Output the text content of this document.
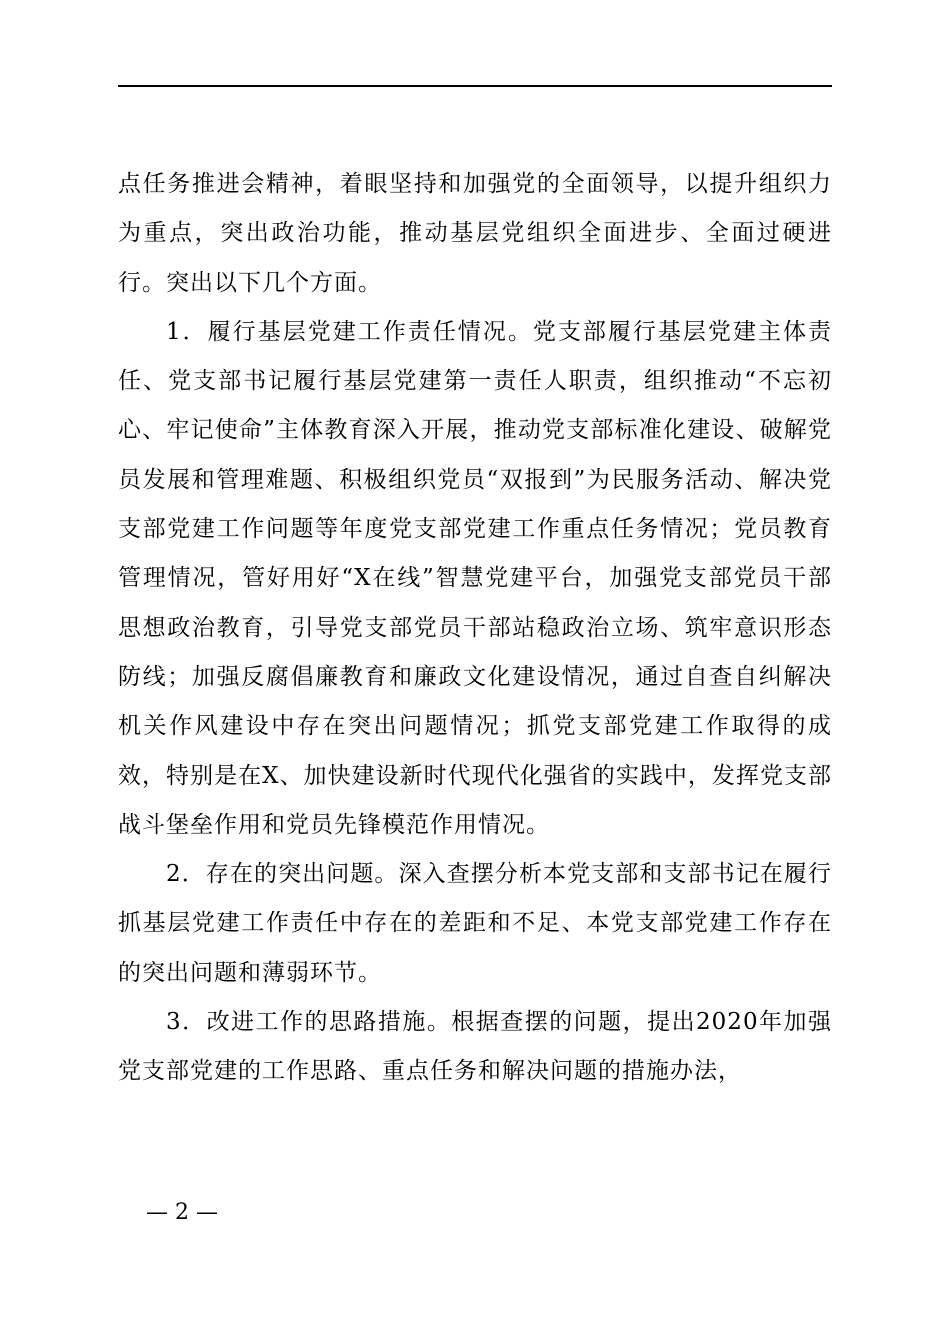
点任务推进会精神，着眼坚持和加强党的全面领导，以提升组织力为重点，突出政治功能，推动基层党组织全面进步、全面过硬进行。突出以下几个方面。

1．履行基层党建工作责任情况。党支部履行基层党建主体责任、党支部书记履行基层党建第一责任人职责，组织推动“不忘初心、牢记使命”主体教育深入开展，推动党支部标准化建设、破解党员发展和管理难题、积极组织党员“双报到”为民服务活动、解决党支部党建工作问题等年度党支部党建工作重点任务情况；党员教育管理情况，管好用好“X在线”智慧党建平台，加强党支部党员干部思想政治教育，引导党支部党员干部站稳政治立场、筑牢意识形态防线；加强反腐倡廉教育和廉政文化建设情况，通过自查自纠解决机关作风建设中存在突出问题情况；抓党支部党建工作取得的成效，特别是在X、加快建设新时代现代化强省的实践中，发挥党支部战斗堡垒作用和党员先锋模范作用情况。

2．存在的突出问题。深入查摆分析本党支部和支部书记在履行抓基层党建工作责任中存在的差距和不足、本党支部党建工作存在的突出问题和薄弱环节。

3．改进工作的思路措施。根据查摆的问题，提出2020年加强党支部党建的工作思路、重点任务和解决问题的措施办法，

— 2 —
